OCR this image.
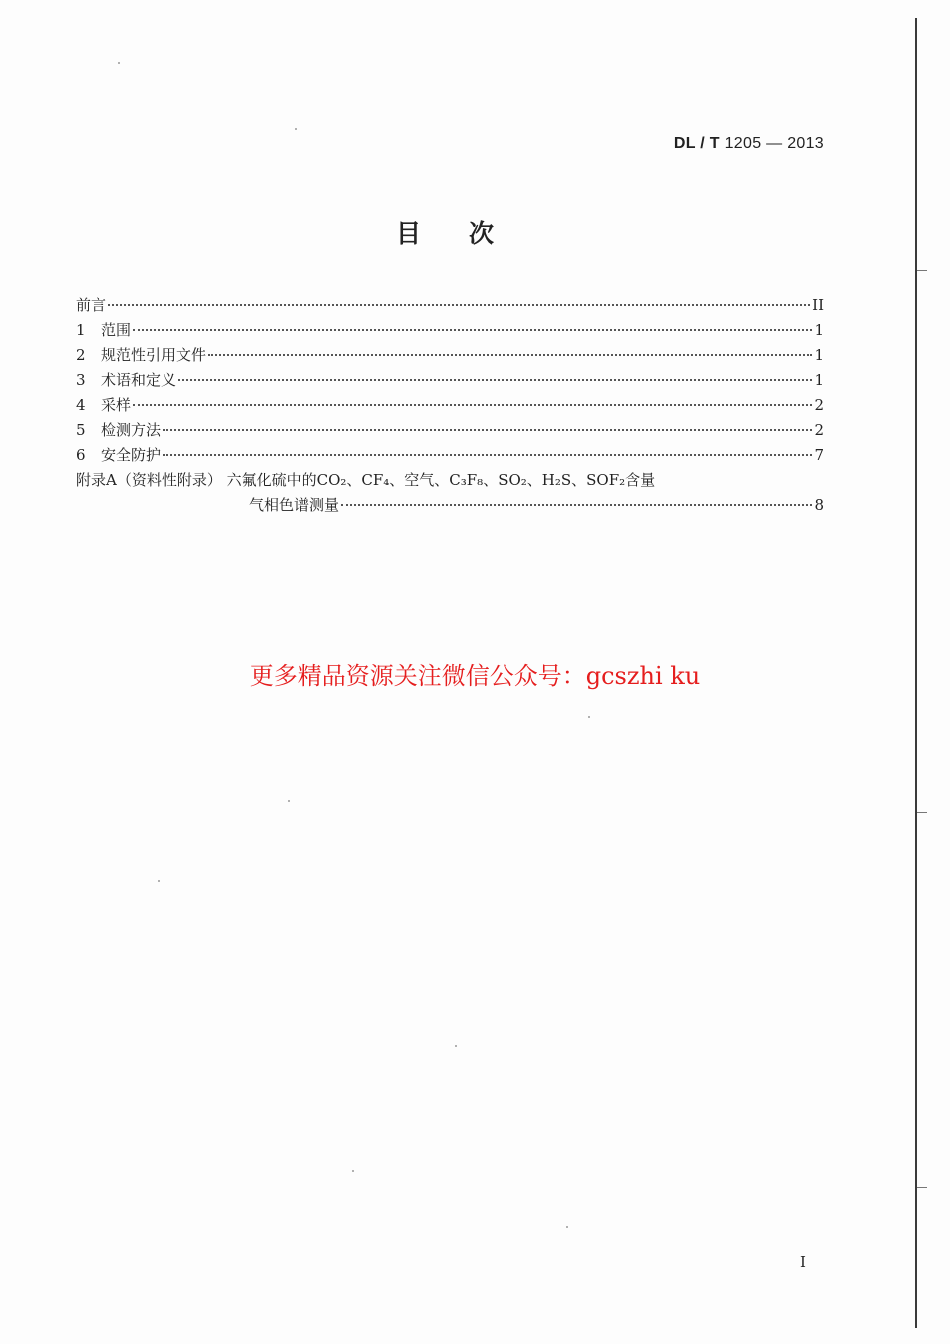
DL / T 1205 — 2013
目次
前言	II
1	范围	1
2	规范性引用文件	1
3	术语和定义	1
4	采样	2
5	检测方法	2
6	安全防护	7
附录A（资料性附录） 六氟化硫中的CO₂、CF₄、空气、C₃F₈、SO₂、H₂S、SOF₂含量
气相色谱测量	8
更多精品资源关注微信公众号：gcszhi ku
I
